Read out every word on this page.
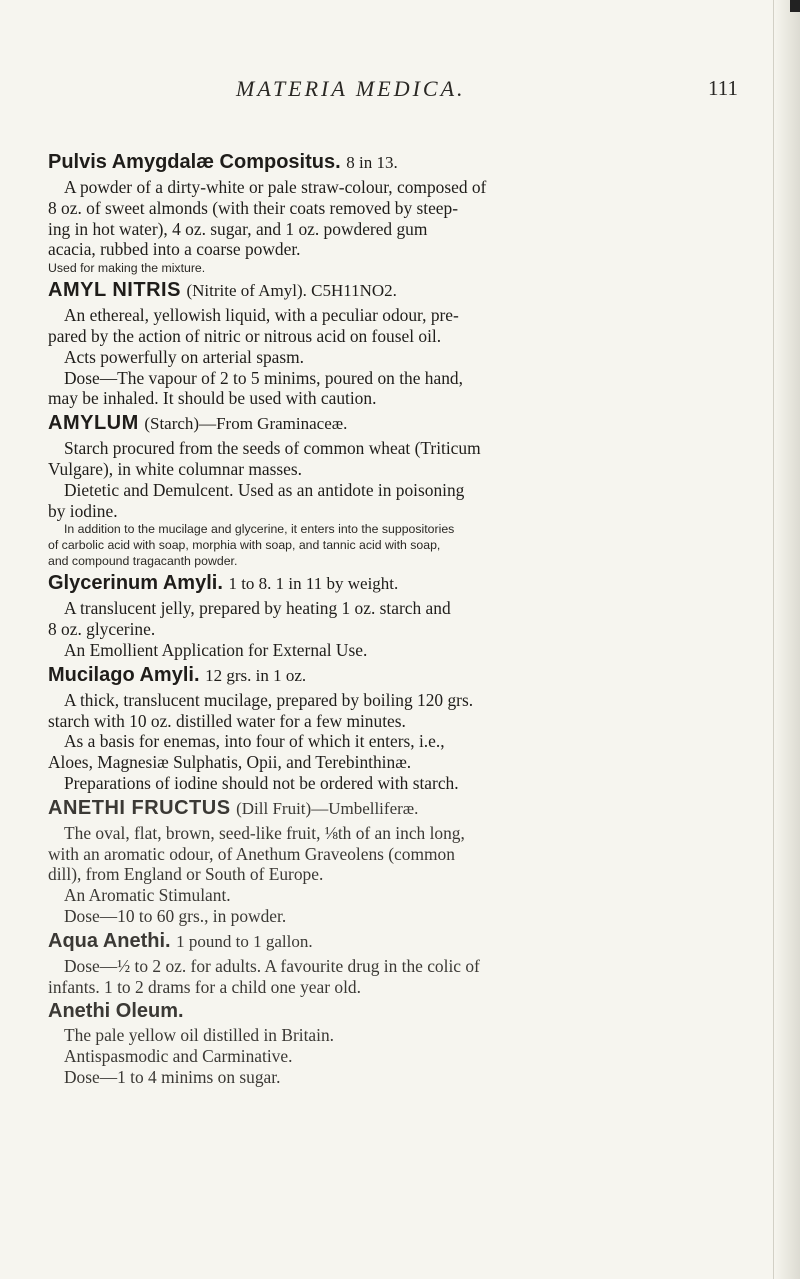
MATERIA MEDICA.	111
Pulvis Amygdalæ Compositus. 8 in 13.

A powder of a dirty-white or pale straw-colour, composed of

8 oz. of sweet almonds (with their coats removed by steep-

ing in hot water), 4 oz. sugar, and 1 oz. powdered gum

acacia, rubbed into a coarse powder.

Used for making the mixture.

AMYL NITRIS (Nitrite of Amyl). C5H11NO2.

An ethereal, yellowish liquid, with a peculiar odour, pre-

pared by the action of nitric or nitrous acid on fousel oil.

Acts powerfully on arterial spasm.

Dose—The vapour of 2 to 5 minims, poured on the hand,

may be inhaled. It should be used with caution.

AMYLUM (Starch)—From Graminaceæ.

Starch procured from the seeds of common wheat (Triticum

Vulgare), in white columnar masses.

Dietetic and Demulcent. Used as an antidote in poisoning

by iodine.

In addition to the mucilage and glycerine, it enters into the suppositories

of carbolic acid with soap, morphia with soap, and tannic acid with soap,

and compound tragacanth powder.

Glycerinum Amyli. 1 to 8. 1 in 11 by weight.

A translucent jelly, prepared by heating 1 oz. starch and

8 oz. glycerine.

An Emollient Application for External Use.

Mucilago Amyli. 12 grs. in 1 oz.

A thick, translucent mucilage, prepared by boiling 120 grs.

starch with 10 oz. distilled water for a few minutes.

As a basis for enemas, into four of which it enters, i.e.,

Aloes, Magnesiæ Sulphatis, Opii, and Terebinthinæ.

Preparations of iodine should not be ordered with starch.

ANETHI FRUCTUS (Dill Fruit)—Umbelliferæ.

The oval, flat, brown, seed-like fruit, ⅛th of an inch long,

with an aromatic odour, of Anethum Graveolens (common

dill), from England or South of Europe.

An Aromatic Stimulant.

Dose—10 to 60 grs., in powder.

Aqua Anethi. 1 pound to 1 gallon.

Dose—½ to 2 oz. for adults. A favourite drug in the colic of

infants. 1 to 2 drams for a child one year old.

Anethi Oleum.

The pale yellow oil distilled in Britain.

Antispasmodic and Carminative.

Dose—1 to 4 minims on sugar.
